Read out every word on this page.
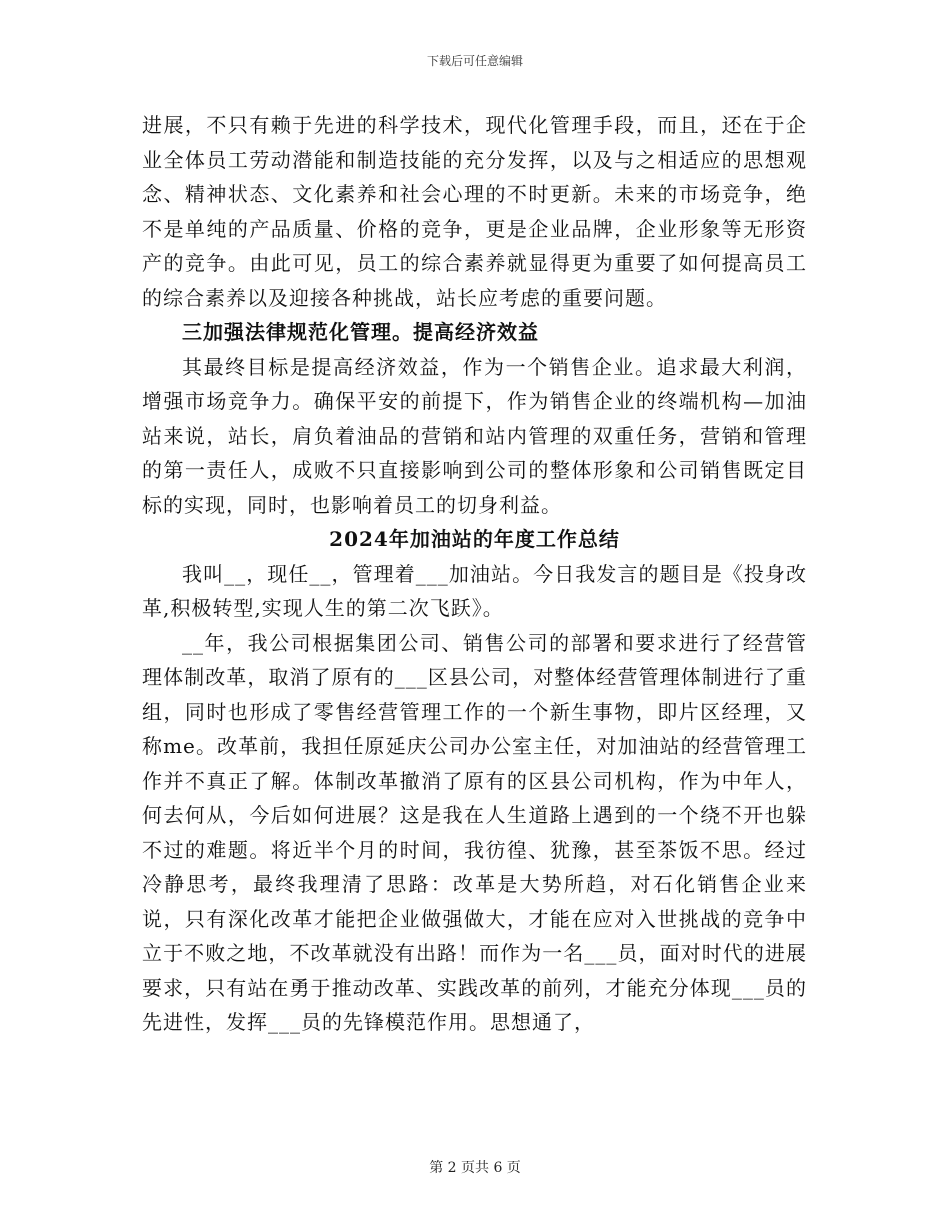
下载后可任意编辑

进展，不只有赖于先进的科学技术，现代化管理手段，而且，还在于企业全体员工劳动潜能和制造技能的充分发挥，以及与之相适应的思想观念、精神状态、文化素养和社会心理的不时更新。未来的市场竞争，绝不是单纯的产品质量、价格的竞争，更是企业品牌，企业形象等无形资产的竞争。由此可见，员工的综合素养就显得更为重要了如何提高员工的综合素养以及迎接各种挑战，站长应考虑的重要问题。

三加强法律规范化管理。提高经济效益

其最终目标是提高经济效益，作为一个销售企业。追求最大利润，增强市场竞争力。确保平安的前提下，作为销售企业的终端机构—加油站来说，站长，肩负着油品的营销和站内管理的双重任务，营销和管理的第一责任人，成败不只直接影响到公司的整体形象和公司销售既定目标的实现，同时，也影响着员工的切身利益。

2024年加油站的年度工作总结

我叫__，现任__，管理着___加油站。今日我发言的题目是《投身改革,积极转型,实现人生的第二次飞跃》。

__年，我公司根据集团公司、销售公司的部署和要求进行了经营管理体制改革，取消了原有的___区县公司，对整体经营管理体制进行了重组，同时也形成了零售经营管理工作的一个新生事物，即片区经理，又称me。改革前，我担任原延庆公司办公室主任，对加油站的经营管理工作并不真正了解。体制改革撤消了原有的区县公司机构，作为中年人，何去何从，今后如何进展？这是我在人生道路上遇到的一个绕不开也躲不过的难题。将近半个月的时间，我彷徨、犹豫，甚至茶饭不思。经过冷静思考，最终我理清了思路：改革是大势所趋，对石化销售企业来说，只有深化改革才能把企业做强做大，才能在应对入世挑战的竞争中立于不败之地，不改革就没有出路！而作为一名___员，面对时代的进展要求，只有站在勇于推动改革、实践改革的前列，才能充分体现___员的先进性，发挥___员的先锋模范作用。思想通了，

第 2 页共 6 页
